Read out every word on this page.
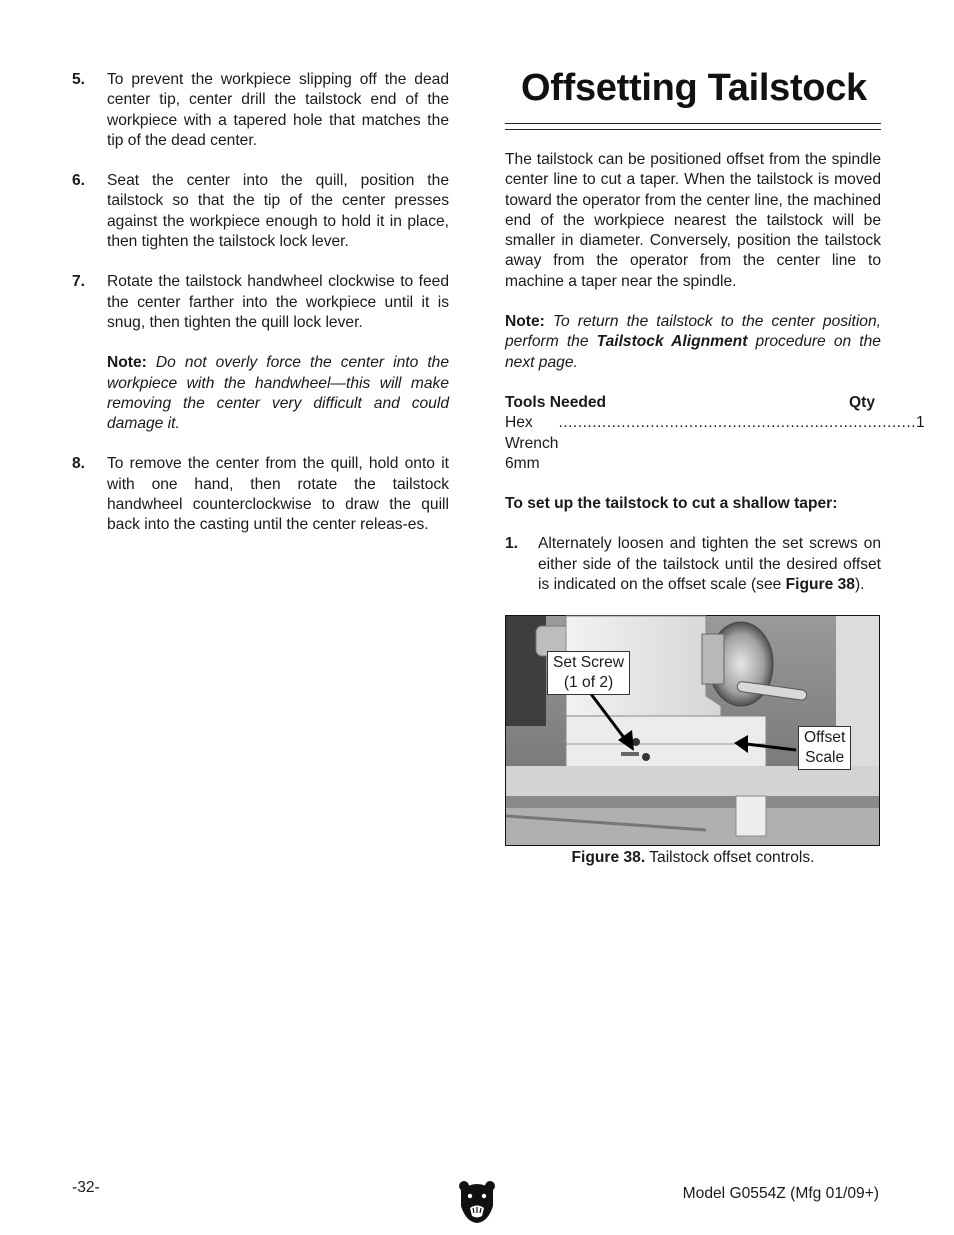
5. To prevent the workpiece slipping off the dead center tip, center drill the tailstock end of the workpiece with a tapered hole that matches the tip of the dead center.
6. Seat the center into the quill, position the tailstock so that the tip of the center presses against the workpiece enough to hold it in place, then tighten the tailstock lock lever.
7. Rotate the tailstock handwheel clockwise to feed the center farther into the workpiece until it is snug, then tighten the quill lock lever.
Note: Do not overly force the center into the workpiece with the handwheel—this will make removing the center very difficult and could damage it.
8. To remove the center from the quill, hold onto it with one hand, then rotate the tailstock handwheel counterclockwise to draw the quill back into the casting until the center releas-es.
Offsetting Tailstock

The tailstock can be positioned offset from the spindle center line to cut a taper. When the tailstock is moved toward the operator from the center line, the machined end of the workpiece nearest the tailstock will be smaller in diameter. Conversely, position the tailstock away from the operator from the center line to machine a taper near the spindle.

Note: To return the tailstock to the center position, perform the Tailstock Alignment procedure on the next page.

Tools Needed	Qty
Hex Wrench 6mm
.......................................................................... 1
To set up the tailstock to cut a shallow taper:
1. Alternately loosen and tighten the set screws on either side of the tailstock until the desired offset is indicated on the offset scale (see Figure 38).
Set Screw
(1 of 2)
Offset
Scale
Figure 38. Tailstock offset controls.
-32-	Model G0554Z (Mfg 01/09+)
